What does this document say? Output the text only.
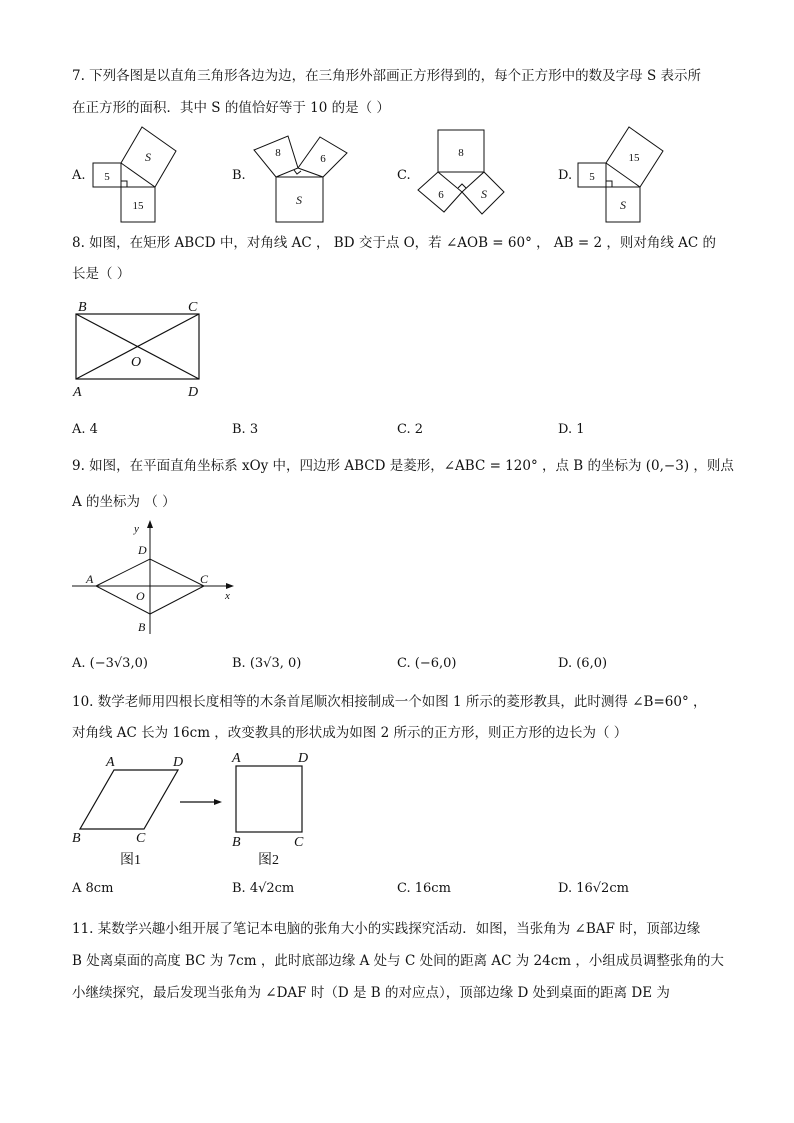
7. 下列各图是以直角三角形各边为边，在三角形外部画正方形得到的，每个正方形中的数及字母 S 表示所
在正方形的面积．其中 S 的值恰好等于 10 的是（ ）
A. 5
15
S
B.
8	6
S
C.
8
6	S
D. 5
15
S
8. 如图，在矩形 ABCD 中，对角线 AC ， BD 交于点 O，若 ∠AOB = 60° ， AB = 2 ，则对角线 AC 的
长是（ ）
B	C
A	D
O
A. 4	B. 3	C. 2	D. 1
9. 如图，在平面直角坐标系 xOy 中，四边形 ABCD 是菱形，∠ABC = 120° ，点 B 的坐标为 (0,−3) ，则点
A 的坐标为 （ ）
y
x
A	C
D
B
O
A. (−3√3,0)	B. (3√3, 0)	C. (−6,0)	D. (6,0)
10. 数学老师用四根长度相等的木条首尾顺次相接制成一个如图 1 所示的菱形教具，此时测得 ∠B=60° ，
对角线 AC 长为 16cm ，改变教具的形状成为如图 2 所示的正方形，则正方形的边长为（ ）
A	D
B	C
图1
A	D
B	C
图2
A 8cm	B. 4√2cm	C. 16cm	D. 16√2cm
11. 某数学兴趣小组开展了笔记本电脑的张角大小的实践探究活动．如图，当张角为 ∠BAF 时，顶部边缘
B 处离桌面的高度 BC 为 7cm ，此时底部边缘 A 处与 C 处间的距离 AC 为 24cm ，小组成员调整张角的大
小继续探究，最后发现当张角为 ∠DAF 时（D 是 B 的对应点），顶部边缘 D 处到桌面的距离 DE 为
